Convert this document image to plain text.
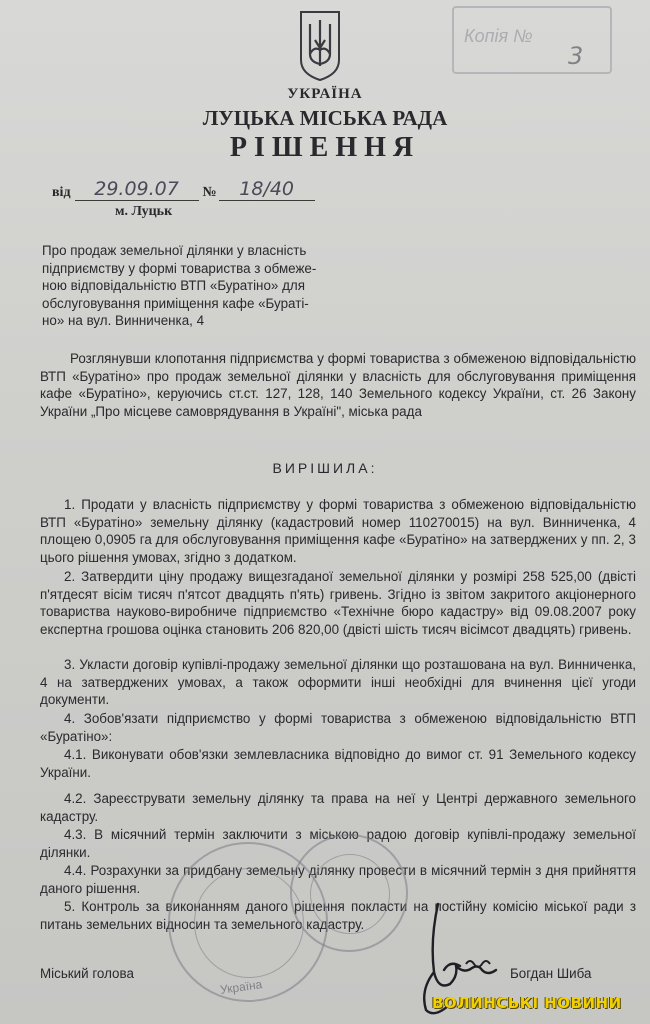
Копія №
3
УКРАЇНА
ЛУЦЬКА МІСЬКА РАДА
РІШЕННЯ
від	29.09.07	№	18/40
м. Луцьк
Про продаж земельної ділянки у власність
підприємству у формі товариства з обмеже-
ною відповідальністю ВТП «Буратіно» для
обслуговування приміщення кафе «Бураті-
но» на вул. Винниченка, 4
Розглянувши клопотання підприємства у формі товариства з обмеженою відповідальністю ВТП «Буратіно» про продаж земельної ділянки у власність для обслуговування приміщення кафе «Буратіно», керуючись ст.ст. 127, 128, 140 Земельного кодексу України, ст. 26 Закону України „Про місцеве самоврядування в Україні", міська рада
ВИРІШИЛА:
1. Продати у власність підприємству у формі товариства з обмеженою відповідальністю ВТП «Буратіно» земельну ділянку (кадастровий номер 110270015) на вул. Винниченка, 4 площею 0,0905 га для обслуговування приміщення кафе «Буратіно» на затверджених у пп. 2, 3 цього рішення умовах, згідно з додатком.
2. Затвердити ціну продажу вищезгаданої земельної ділянки у розмірі 258 525,00 (двісті п'ятдесят вісім тисяч п'ятсот двадцять п'ять) гривень. Згідно із звітом закритого акціонерного товариства науково-виробниче підприємство «Технічне бюро кадастру» від 09.08.2007 року експертна грошова оцінка становить 206 820,00 (двісті шість тисяч вісімсот двадцять) гривень.
3. Укласти договір купівлі-продажу земельної ділянки що розташована на вул. Винниченка, 4 на затверджених умовах, а також оформити інші необхідні для вчинення цієї угоди документи.
4. Зобов'язати підприємство у формі товариства з обмеженою відповідальністю ВТП «Буратіно»:
4.1. Виконувати обов'язки землевласника відповідно до вимог ст. 91 Земельного кодексу України.
4.2. Зареєструвати земельну ділянку та права на неї у Центрі державного земельного кадастру.
4.3. В місячний термін заключити з міською радою договір купівлі-продажу земельної ділянки.
4.4. Розрахунки за придбану земельну ділянку провести в місячний термін з дня прийняття даного рішення.
5. Контроль за виконанням даного рішення покласти на постійну комісію міської ради з питань земельних відносин та земельного кадастру.
Україна
Міський голова	Богдан Шиба
ВОЛИНСЬКІ НОВИНИ
